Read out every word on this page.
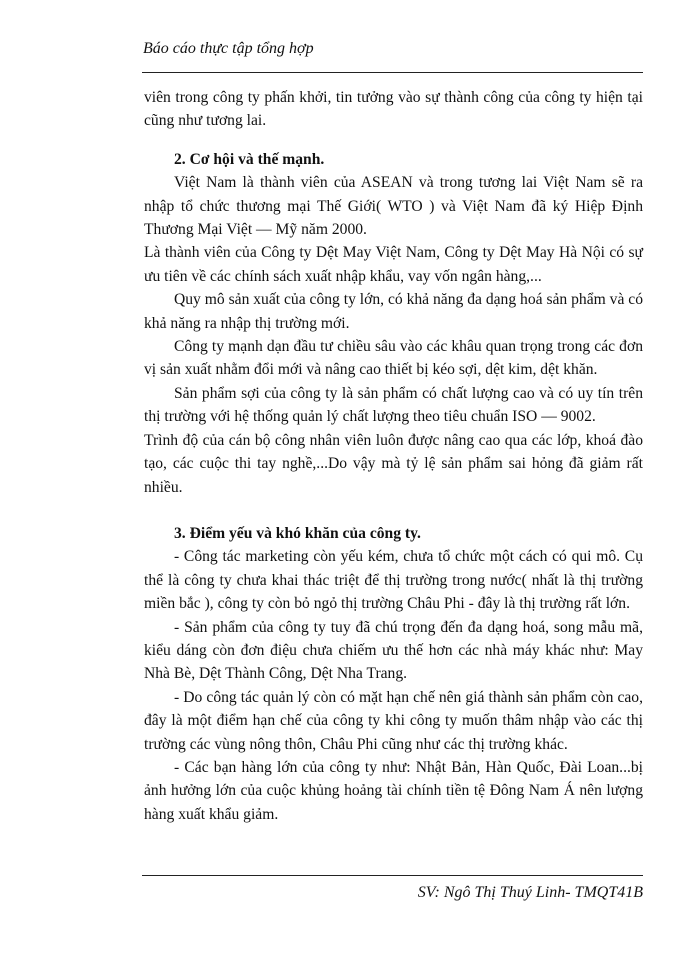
Báo cáo thực tập tổng hợp

viên trong công ty phấn khởi, tin tưởng vào sự thành công của công ty hiện tại cũng như tương lai.

2. Cơ hội và thế mạnh.

Việt Nam là thành viên của ASEAN và trong tương lai Việt Nam sẽ ra nhập tổ chức thương mại Thế Giới( WTO ) và Việt Nam đã ký Hiệp Định Thương Mại Việt — Mỹ năm 2000.

Là thành viên của Công ty Dệt May Việt Nam, Công ty Dệt May Hà Nội có sự ưu tiên về các chính sách xuất nhập khẩu, vay vốn ngân hàng,...

Quy mô sản xuất của công ty lớn, có khả năng đa dạng hoá sản phẩm và có khả năng ra nhập thị trường mới.

Công ty mạnh dạn đầu tư chiều sâu vào các khâu quan trọng trong các đơn vị sản xuất nhằm đổi mới và nâng cao thiết bị kéo sợi, dệt kim, dệt khăn.

Sản phẩm sợi của công ty là sản phẩm có chất lượng cao và có uy tín trên thị trường với hệ thống quản lý chất lượng theo tiêu chuẩn ISO — 9002.

Trình độ của cán bộ công nhân viên luôn được nâng cao qua các lớp, khoá đào tạo, các cuộc thi tay nghề,...Do vậy mà tỷ lệ sản phẩm sai hỏng đã giảm rất nhiều.

3. Điểm yếu và khó khăn của công ty.

- Công tác marketing còn yếu kém, chưa tổ chức một cách có qui mô. Cụ thể là công ty chưa khai thác triệt để thị trường trong nước( nhất là thị trường miền bắc ), công ty còn bỏ ngỏ thị trường Châu Phi - đây là thị trường rất lớn.

- Sản phẩm của công ty tuy đã chú trọng đến đa dạng hoá, song mẫu mã, kiểu dáng còn đơn điệu chưa chiếm ưu thế hơn các nhà máy khác như: May Nhà Bè, Dệt Thành Công, Dệt Nha Trang.

- Do công tác quản lý còn có mặt hạn chế nên giá thành sản phẩm còn cao, đây là một điểm hạn chế của công ty khi công ty muốn thâm nhập vào các thị trường các vùng nông thôn, Châu Phi cũng như các thị trường khác.

- Các bạn hàng lớn của công ty như: Nhật Bản, Hàn Quốc, Đài Loan...bị ảnh hưởng lớn của cuộc khủng hoảng tài chính tiền tệ Đông Nam Á nên lượng hàng xuất khẩu giảm.

SV: Ngô Thị Thuý Linh- TMQT41B
